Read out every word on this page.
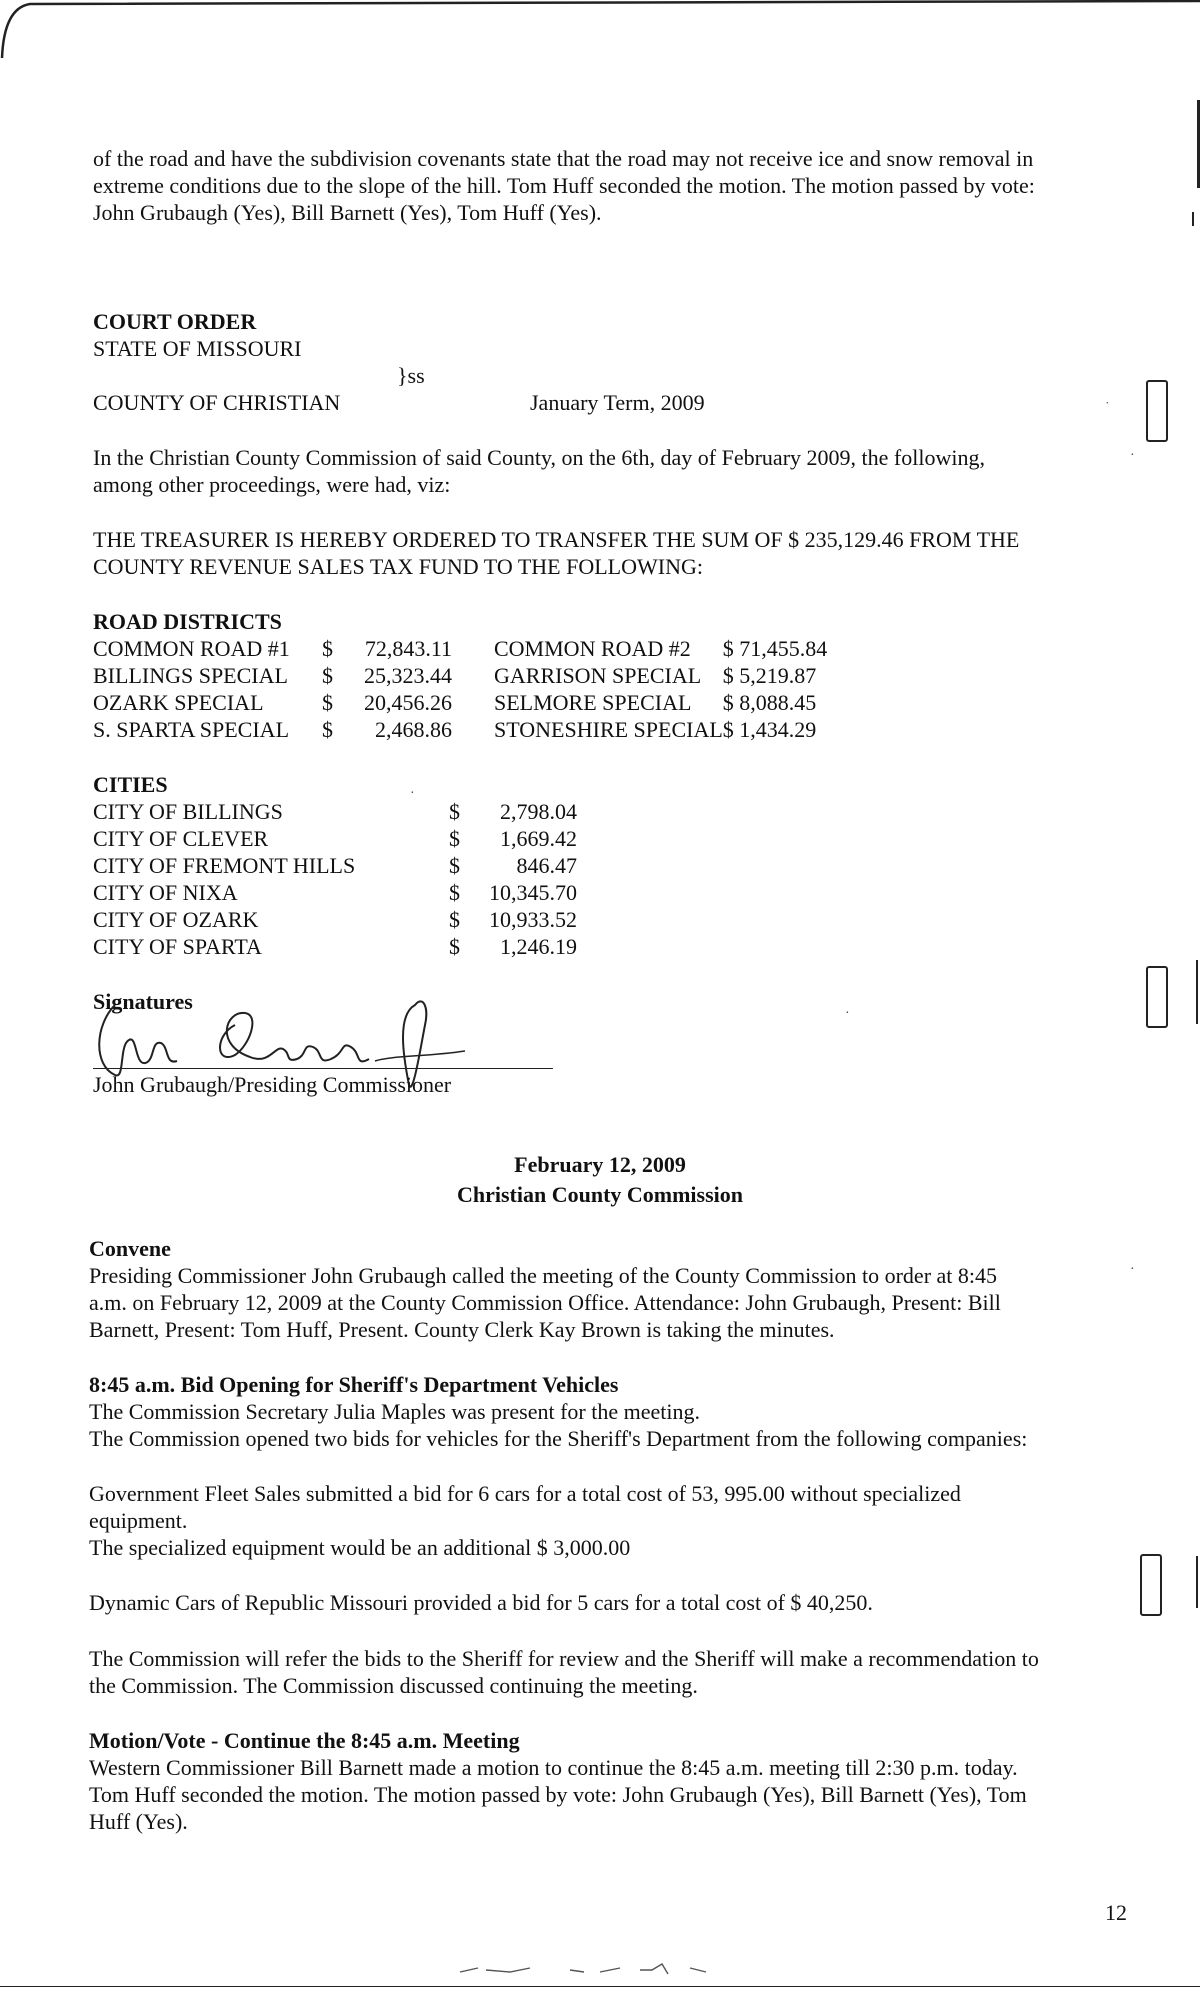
˙
·
·
·
·
of the road and have the subdivision covenants state that the road may not receive ice and snow removal in
extreme conditions due to the slope of the hill. Tom Huff seconded the motion. The motion passed by vote:
John Grubaugh (Yes), Bill Barnett (Yes), Tom Huff (Yes).
COURT ORDER
STATE OF MISSOURI
}ss
COUNTY OF CHRISTIAN	January Term, 2009
In the Christian County Commission of said County, on the 6th, day of February 2009, the following,
among other proceedings, were had, viz:
THE TREASURER IS HEREBY ORDERED TO TRANSFER THE SUM OF $ 235,129.46 FROM THE
COUNTY REVENUE SALES TAX FUND TO THE FOLLOWING:
ROAD DISTRICTS
COMMON ROAD #1	$	72,843.11	COMMON ROAD #2	$ 71,455.84
BILLINGS SPECIAL	$	25,323.44	GARRISON SPECIAL	$ 5,219.87
OZARK SPECIAL	$	20,456.26	SELMORE SPECIAL	$ 8,088.45
S. SPARTA SPECIAL	$	2,468.86	STONESHIRE SPECIAL	$ 1,434.29
CITIES
CITY OF BILLINGS	$	2,798.04
CITY OF CLEVER	$	1,669.42
CITY OF FREMONT HILLS	$	846.47
CITY OF NIXA	$	10,345.70
CITY OF OZARK	$	10,933.52
CITY OF SPARTA	$	1,246.19
Signatures
John Grubaugh/Presiding Commissioner
February 12, 2009
Christian County Commission
Convene
Presiding Commissioner John Grubaugh called the meeting of the County Commission to order at 8:45
a.m. on February 12, 2009 at the County Commission Office. Attendance: John Grubaugh, Present: Bill
Barnett, Present: Tom Huff, Present. County Clerk Kay Brown is taking the minutes.
8:45 a.m. Bid Opening for Sheriff's Department Vehicles
The Commission Secretary Julia Maples was present for the meeting.
The Commission opened two bids for vehicles for the Sheriff's Department from the following companies:
Government Fleet Sales submitted a bid for 6 cars for a total cost of 53, 995.00 without specialized
equipment.
The specialized equipment would be an additional $ 3,000.00
Dynamic Cars of Republic Missouri provided a bid for 5 cars for a total cost of $ 40,250.
The Commission will refer the bids to the Sheriff for review and the Sheriff will make a recommendation to
the Commission. The Commission discussed continuing the meeting.
Motion/Vote - Continue the 8:45 a.m. Meeting
Western Commissioner Bill Barnett made a motion to continue the 8:45 a.m. meeting till 2:30 p.m. today.
Tom Huff seconded the motion. The motion passed by vote: John Grubaugh (Yes), Bill Barnett (Yes), Tom
Huff (Yes).
12
